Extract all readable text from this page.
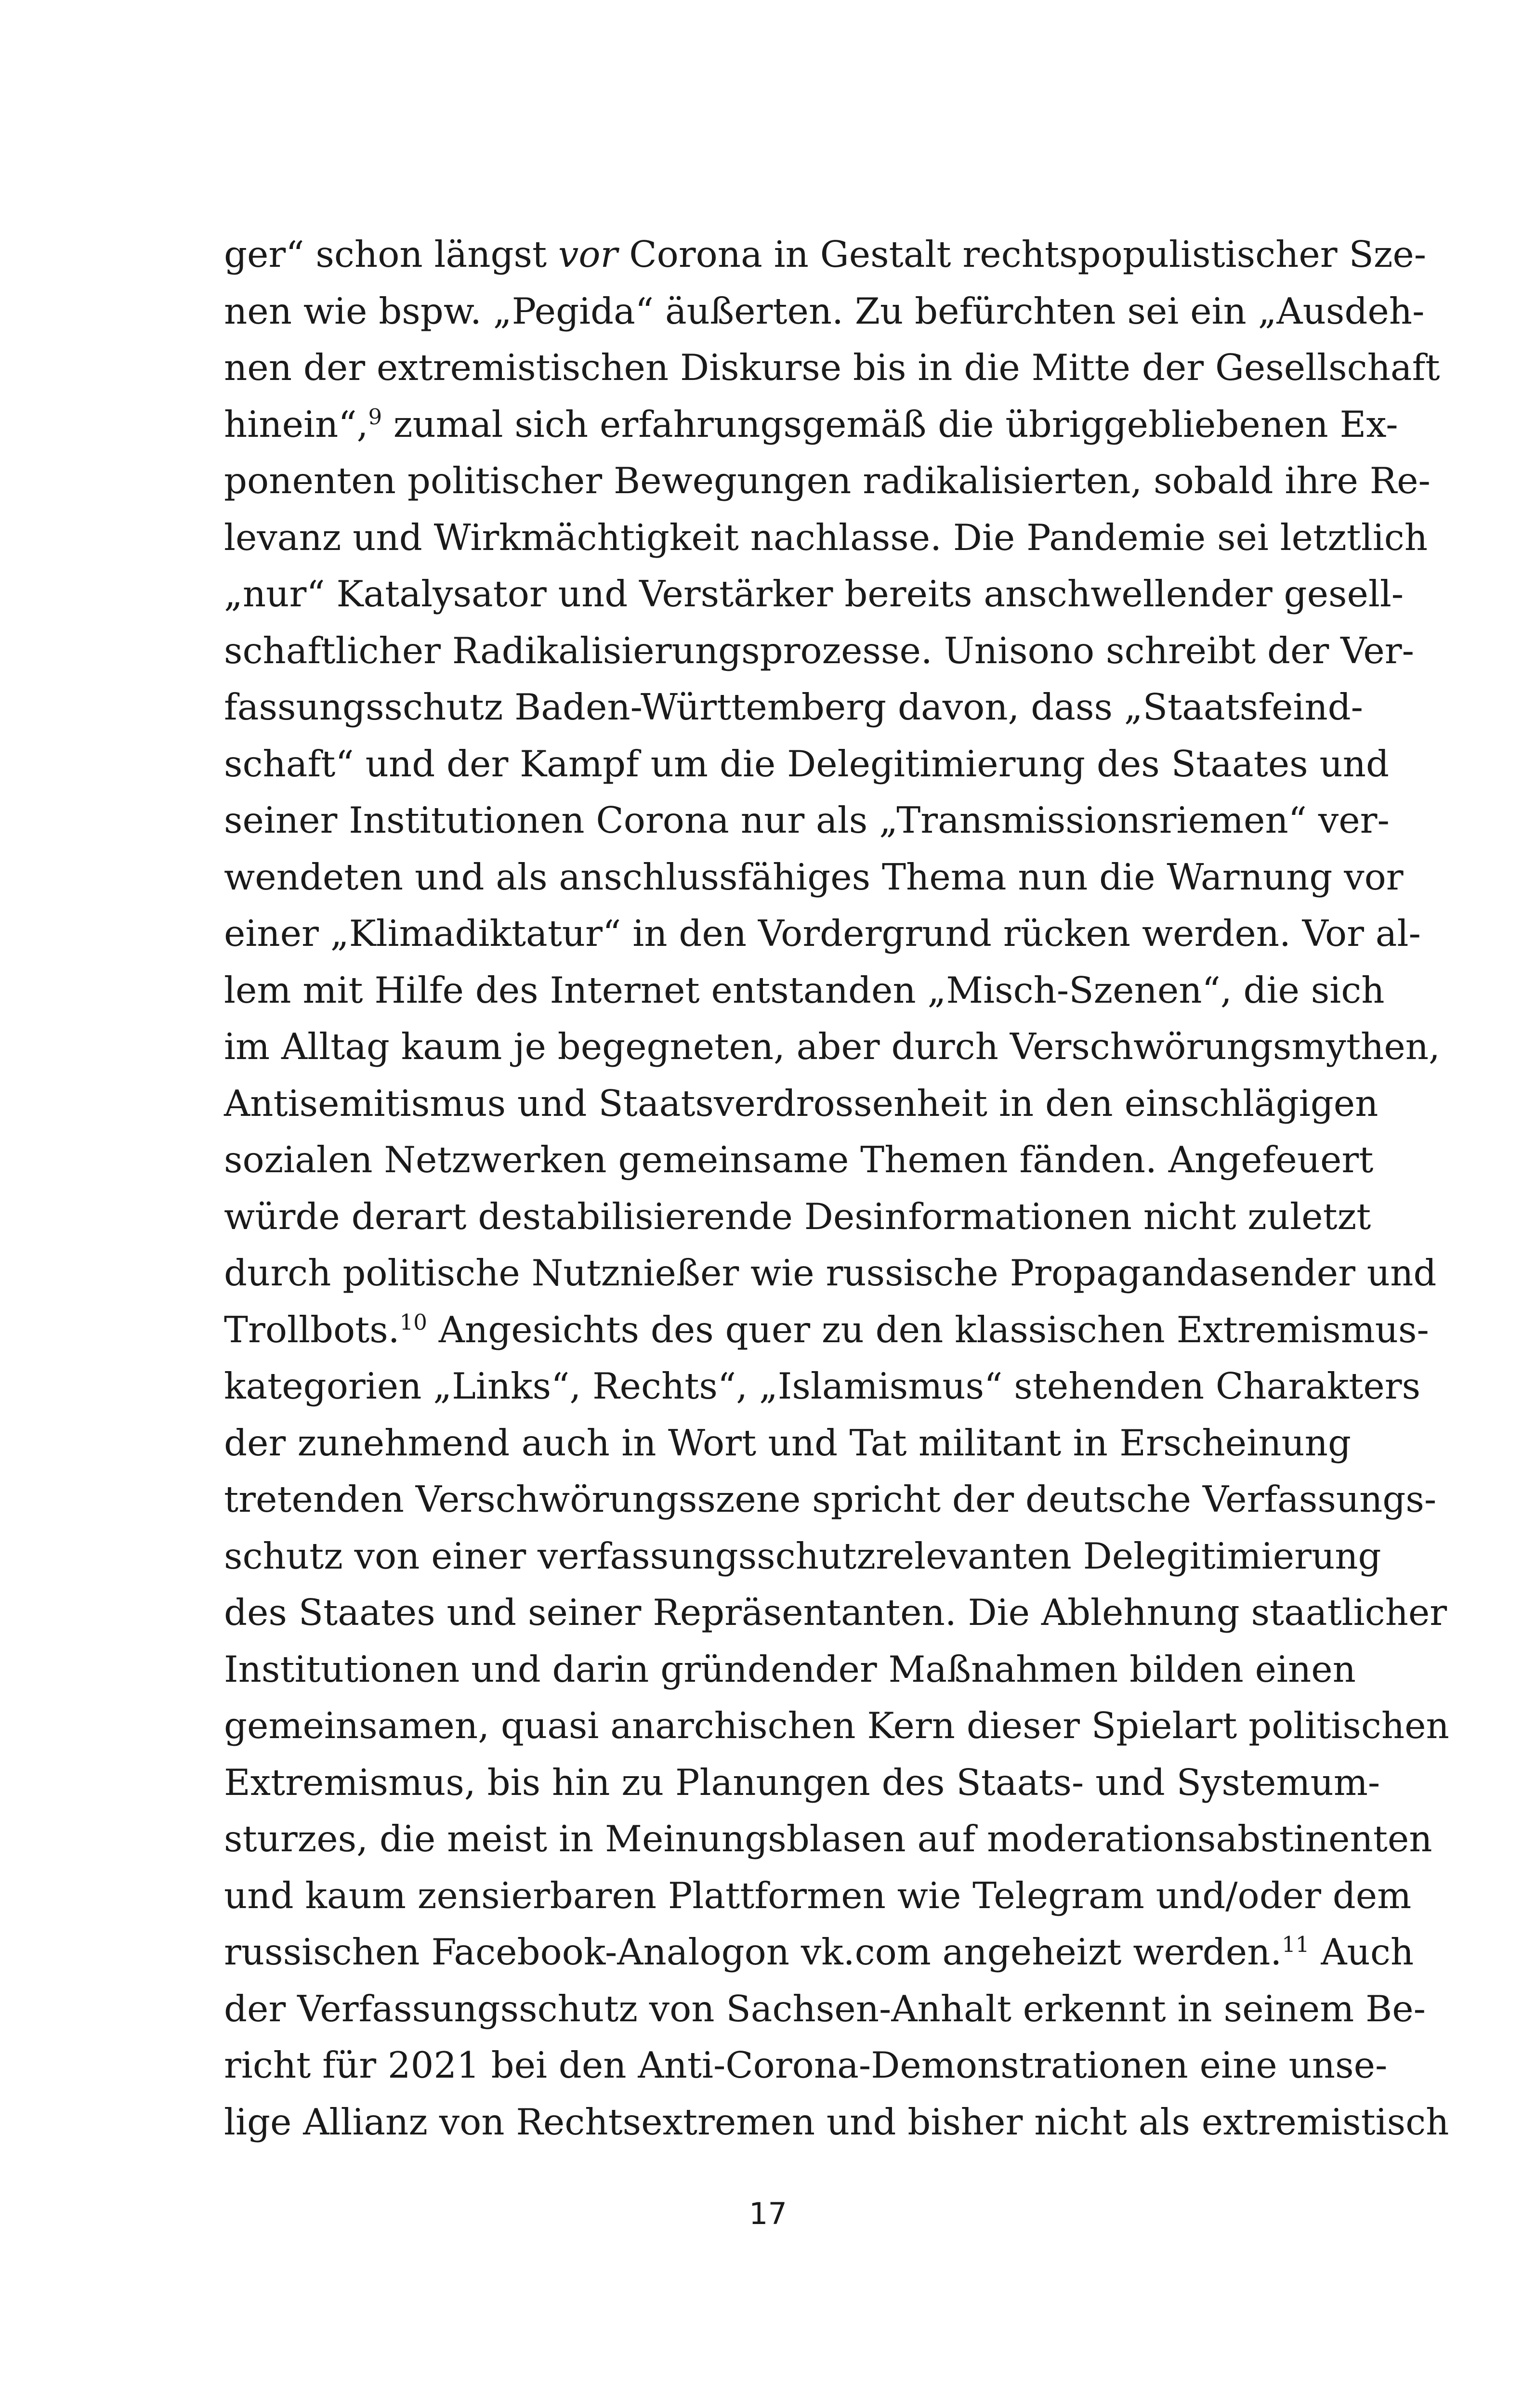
ger“ schon längst vor Corona in Gestalt rechtspopulistischer Sze-
nen wie bspw. „Pegida“ äußerten. Zu befürchten sei ein „Ausdeh-
nen der extremistischen Diskurse bis in die Mitte der Gesellschaft
hinein“,$^9$ zumal sich erfahrungsgemäß die übriggebliebenen Ex-
ponenten politischer Bewegungen radikalisierten, sobald ihre Re-
levanz und Wirkmächtigkeit nachlasse. Die Pandemie sei letztlich
„nur“ Katalysator und Verstärker bereits anschwellender gesell-
schaftlicher Radikalisierungsprozesse. Unisono schreibt der Ver-
fassungsschutz Baden-Württemberg davon, dass „Staatsfeind-
schaft“ und der Kampf um die Delegitimierung des Staates und
seiner Institutionen Corona nur als „Transmissionsriemen“ ver-
wendeten und als anschlussfähiges Thema nun die Warnung vor
einer „Klimadiktatur“ in den Vordergrund rücken werden. Vor al-
lem mit Hilfe des Internet entstanden „Misch-Szenen“, die sich
im Alltag kaum je begegneten, aber durch Verschwörungsmythen,
Antisemitismus und Staatsverdrossenheit in den einschlägigen
sozialen Netzwerken gemeinsame Themen fänden. Angefeuert
würde derart destabilisierende Desinformationen nicht zuletzt
durch politische Nutznießer wie russische Propagandasender und
Trollbots.$^{10}$ Angesichts des quer zu den klassischen Extremismus-
kategorien „Links“, Rechts“, „Islamismus“ stehenden Charakters
der zunehmend auch in Wort und Tat militant in Erscheinung
tretenden Verschwörungsszene spricht der deutsche Verfassungs-
schutz von einer verfassungsschutzrelevanten Delegitimierung
des Staates und seiner Repräsentanten. Die Ablehnung staatlicher
Institutionen und darin gründender Maßnahmen bilden einen
gemeinsamen, quasi anarchischen Kern dieser Spielart politischen
Extremismus, bis hin zu Planungen des Staats- und Systemum-
sturzes, die meist in Meinungsblasen auf moderationsabstinenten
und kaum zensierbaren Plattformen wie Telegram und/oder dem
russischen Facebook-Analogon vk.com angeheizt werden.$^{11}$ Auch
der Verfassungsschutz von Sachsen-Anhalt erkennt in seinem Be-
richt für 2021 bei den Anti-Corona-Demonstrationen eine unse-
lige Allianz von Rechtsextremen und bisher nicht als extremistisch
17
